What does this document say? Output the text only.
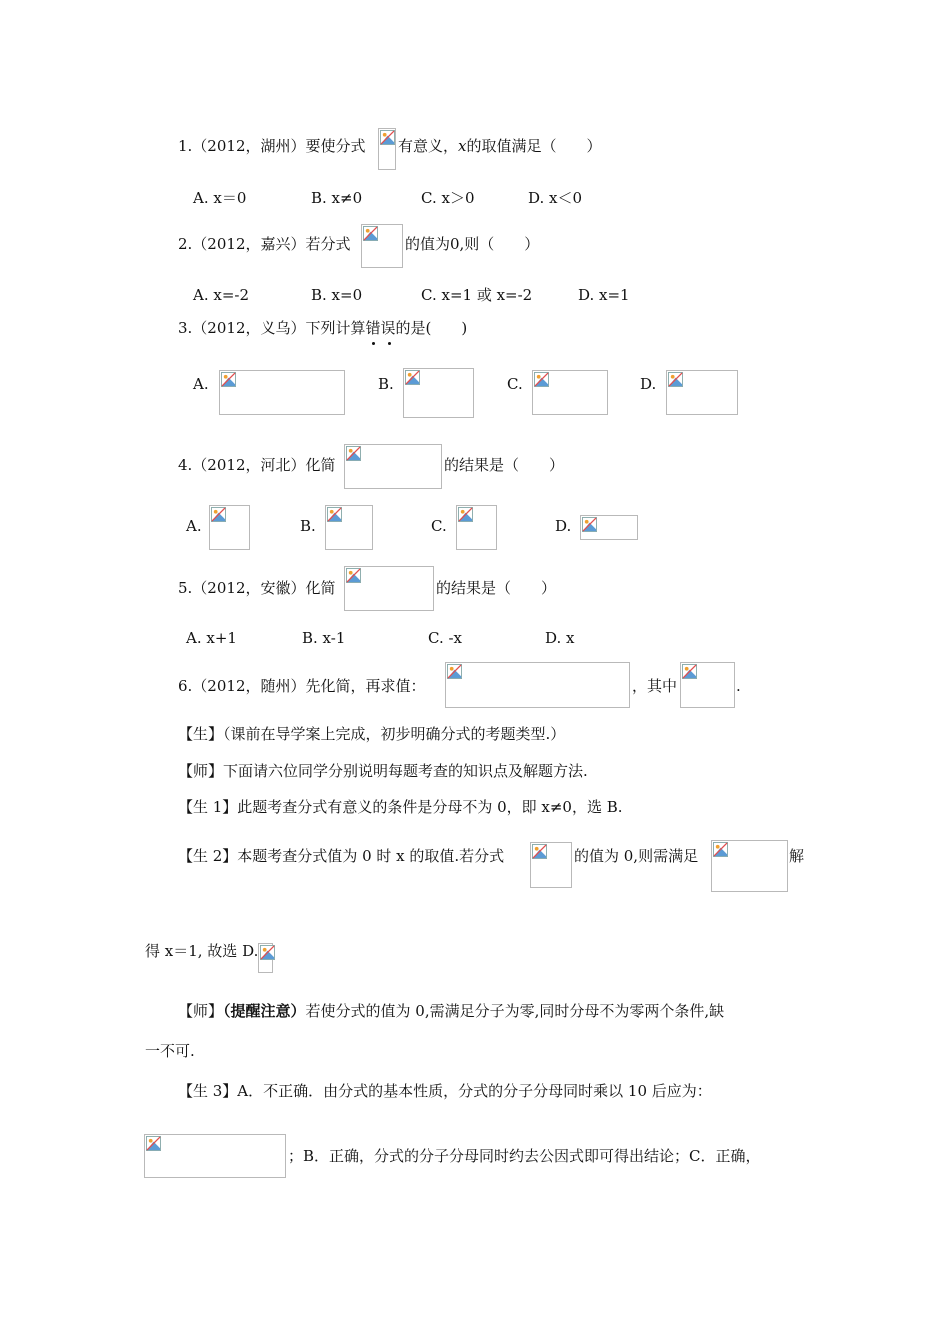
1.（2012，湖州）要使分式 有意义，x的取值满足（　　）
A. x＝0	B. x≠0	C. x＞0	D. x＜0
2.（2012，嘉兴）若分式	的值为0,则（　　）
A. x=-2	B. x=0	C. x=1 或 x=-2	D. x=1
3.（2012，义乌）下列计算错误
的是(　　)
A.	B.	C.	D.
4.（2012，河北）化简	的结果是（　　）
A.	B.	C.	D.
5.（2012，安徽）化简	的结果是（　　）
A. x+1	B. x-1	C. -x	D. x
6.（2012，随州）先化简，再求值：	，其中	.
【生】（课前在导学案上完成，初步明确分式的考题类型.）
【师】下面请六位同学分别说明每题考查的知识点及解题方法.
【生 1】此题考查分式有意义的条件是分母不为 0，即 x≠0，选 B.
【生 2】本题考查分式值为 0 时 x 的取值.若分式	的值为 0,则需满足	解
得 x＝1, 故选 D.
【师】（提醒注意）若使分式的值为 0,需满足分子为零,同时分母不为零两个条件,缺
一不可.
【生 3】A．不正确．由分式的基本性质，分式的分子分母同时乘以 10 后应为：
；B．正确，分式的分子分母同时约去公因式即可得出结论；C．正确，
